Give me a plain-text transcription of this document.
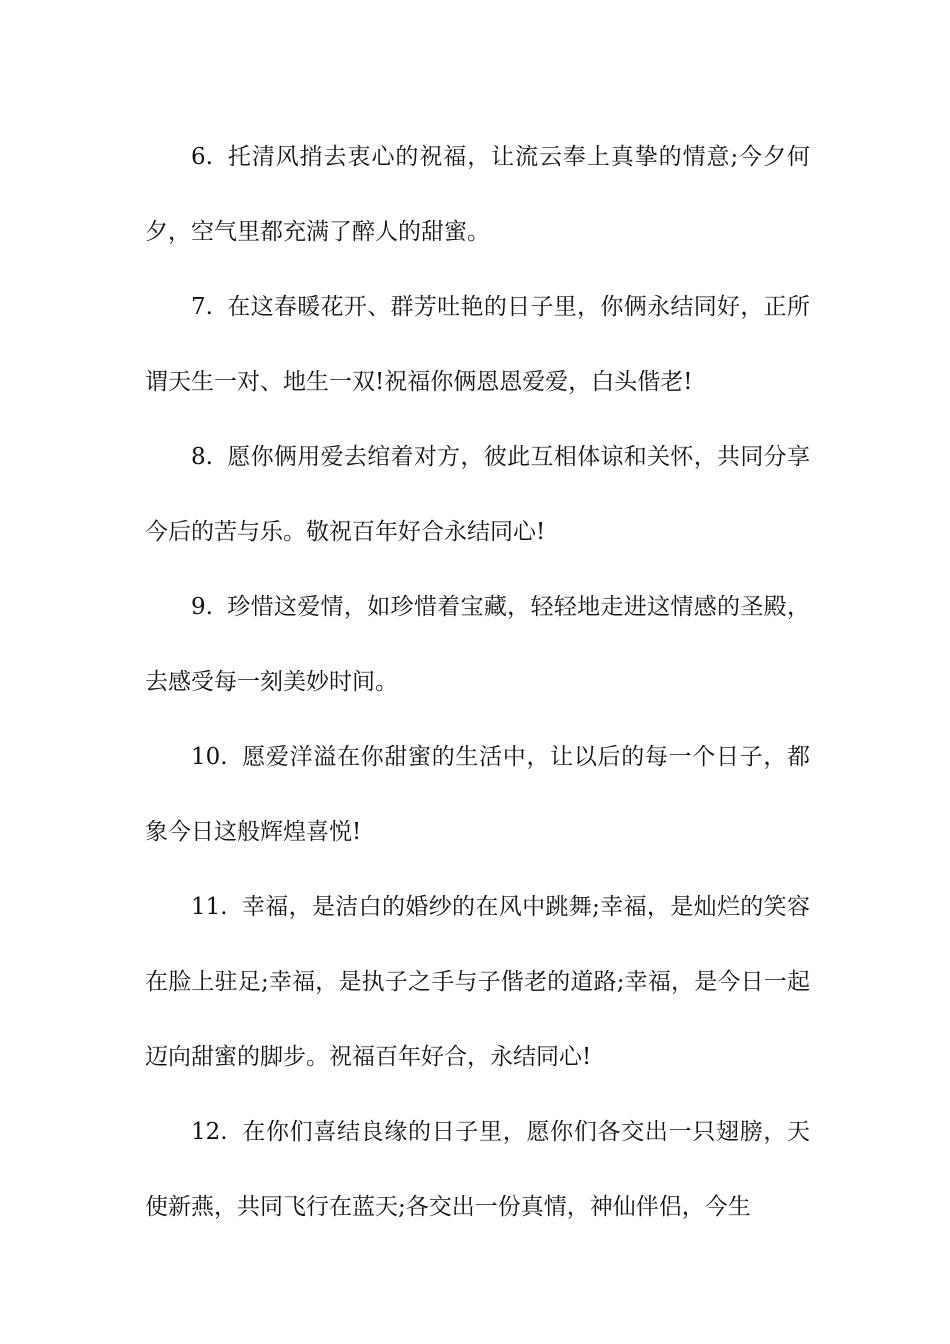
6. 托清风捎去衷心的祝福，让流云奉上真挚的情意;今夕何夕，空气里都充满了醉人的甜蜜。

7. 在这春暖花开、群芳吐艳的日子里，你俩永结同好，正所谓天生一对、地生一双!祝福你俩恩恩爱爱，白头偕老!

8. 愿你俩用爱去绾着对方，彼此互相体谅和关怀，共同分享今后的苦与乐。敬祝百年好合永结同心!

9. 珍惜这爱情，如珍惜着宝藏，轻轻地走进这情感的圣殿，去感受每一刻美妙时间。

10. 愿爱洋溢在你甜蜜的生活中，让以后的每一个日子，都象今日这般辉煌喜悦!

11. 幸福，是洁白的婚纱的在风中跳舞;幸福，是灿烂的笑容在脸上驻足;幸福，是执子之手与子偕老的道路;幸福，是今日一起迈向甜蜜的脚步。祝福百年好合，永结同心!

12. 在你们喜结良缘的日子里，愿你们各交出一只翅膀，天使新燕，共同飞行在蓝天;各交出一份真情，神仙伴侣，今生
